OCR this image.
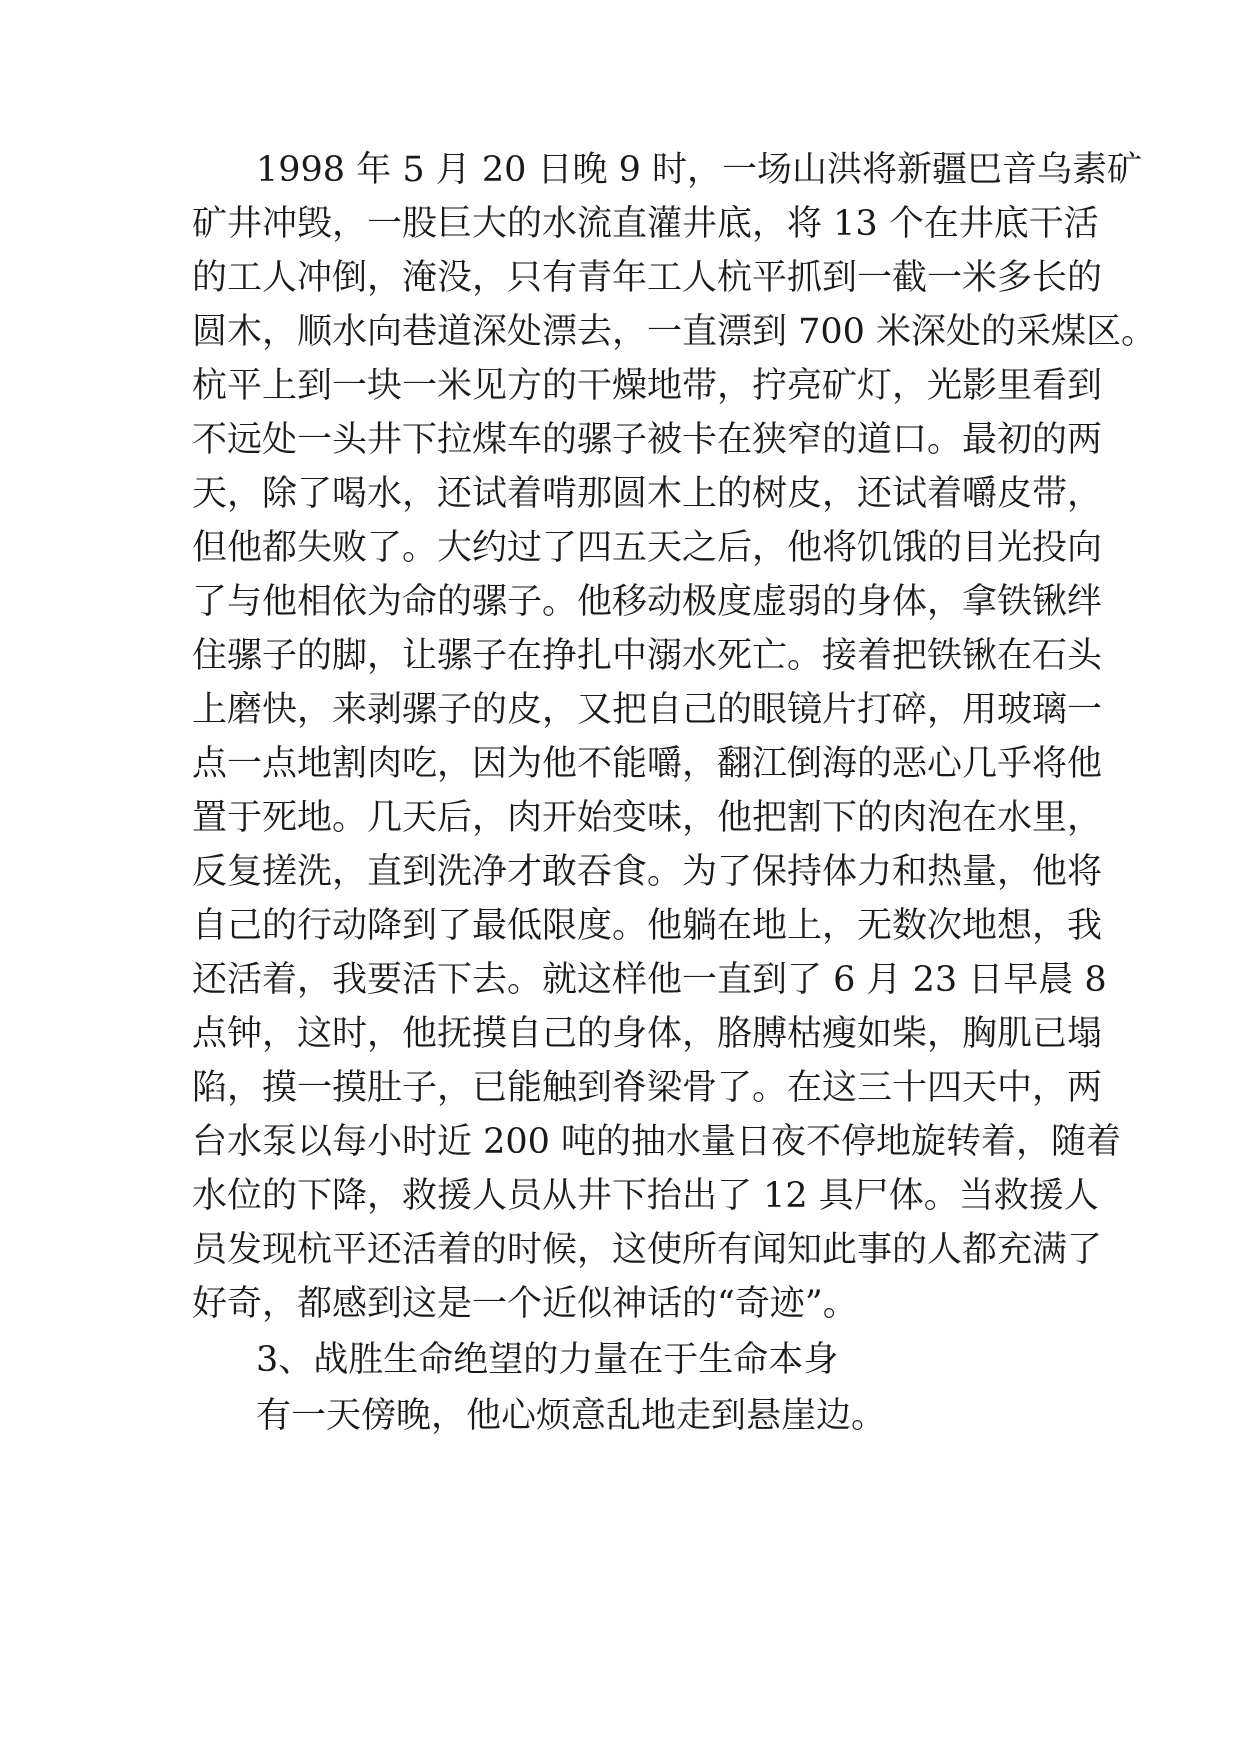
1998 年 5 月 20 日晚 9 时，一场山洪将新疆巴音乌素矿
矿井冲毁，一股巨大的水流直灌井底，将 13 个在井底干活
的工人冲倒，淹没，只有青年工人杭平抓到一截一米多长的
圆木，顺水向巷道深处漂去，一直漂到 700 米深处的采煤区。
杭平上到一块一米见方的干燥地带，拧亮矿灯，光影里看到
不远处一头井下拉煤车的骡子被卡在狭窄的道口。最初的两
天，除了喝水，还试着啃那圆木上的树皮，还试着嚼皮带，
但他都失败了。大约过了四五天之后，他将饥饿的目光投向
了与他相依为命的骡子。他移动极度虚弱的身体，拿铁锹绊
住骡子的脚，让骡子在挣扎中溺水死亡。接着把铁锹在石头
上磨快，来剥骡子的皮，又把自己的眼镜片打碎，用玻璃一
点一点地割肉吃，因为他不能嚼，翻江倒海的恶心几乎将他
置于死地。几天后，肉开始变味，他把割下的肉泡在水里，
反复搓洗，直到洗净才敢吞食。为了保持体力和热量，他将
自己的行动降到了最低限度。他躺在地上，无数次地想，我
还活着，我要活下去。就这样他一直到了 6 月 23 日早晨 8
点钟，这时，他抚摸自己的身体，胳膊枯瘦如柴，胸肌已塌
陷，摸一摸肚子，已能触到脊梁骨了。在这三十四天中，两
台水泵以每小时近 200 吨的抽水量日夜不停地旋转着，随着
水位的下降，救援人员从井下抬出了 12 具尸体。当救援人
员发现杭平还活着的时候，这使所有闻知此事的人都充满了
好奇，都感到这是一个近似神话的“奇迹”。
3、战胜生命绝望的力量在于生命本身
有一天傍晚，他心烦意乱地走到悬崖边。
